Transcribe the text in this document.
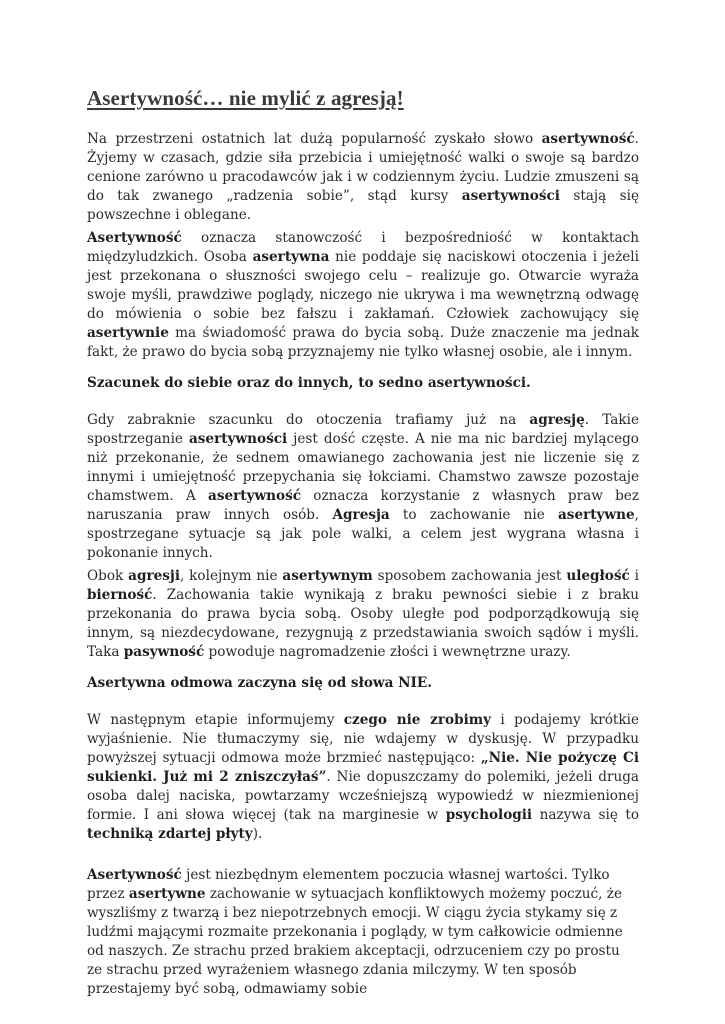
Asertywność… nie mylić z agresją!

Na przestrzeni ostatnich lat dużą popularność zyskało słowo asertywność. Żyjemy w czasach, gdzie siła przebicia i umiejętność walki o swoje są bardzo cenione zarówno u pracodawców jak i w codziennym życiu. Ludzie zmuszeni są do tak zwanego „radzenia sobie”, stąd kursy asertywności stają się powszechne i oblegane.

Asertywność oznacza stanowczość i bezpośredniość w kontaktach międzyludzkich. Osoba asertywna nie poddaje się naciskowi otoczenia i jeżeli jest przekonana o słuszności swojego celu – realizuje go. Otwarcie wyraża swoje myśli, prawdziwe poglądy, niczego nie ukrywa i ma wewnętrzną odwagę do mówienia o sobie bez fałszu i zakłamań. Człowiek zachowujący się asertywnie ma świadomość prawa do bycia sobą. Duże znaczenie ma jednak fakt, że prawo do bycia sobą przyznajemy nie tylko własnej osobie, ale i innym.

Szacunek do siebie oraz do innych, to sedno asertywności.

Gdy zabraknie szacunku do otoczenia trafiamy już na agresję. Takie spostrzeganie asertywności jest dość częste. A nie ma nic bardziej mylącego niż przekonanie, że sednem omawianego zachowania jest nie liczenie się z innymi i umiejętność przepychania się łokciami. Chamstwo zawsze pozostaje chamstwem. A asertywność oznacza korzystanie z własnych praw bez naruszania praw innych osób. Agresja to zachowanie nie asertywne, spostrzegane sytuacje są jak pole walki, a celem jest wygrana własna i pokonanie innych.

Obok agresji, kolejnym nie asertywnym sposobem zachowania jest uległość i bierność. Zachowania takie wynikają z braku pewności siebie i z braku przekonania do prawa bycia sobą. Osoby uległe pod podporządkowują się innym, są niezdecydowane, rezygnują z przedstawiania swoich sądów i myśli. Taka pasywność powoduje nagromadzenie złości i wewnętrzne urazy.

Asertywna odmowa zaczyna się od słowa NIE.

W następnym etapie informujemy czego nie zrobimy i podajemy krótkie wyjaśnienie. Nie tłumaczymy się, nie wdajemy w dyskusję. W przypadku powyższej sytuacji odmowa może brzmieć następująco: „Nie. Nie pożyczę Ci sukienki. Już mi 2 zniszczyłaś”. Nie dopuszczamy do polemiki, jeżeli druga osoba dalej naciska, powtarzamy wcześniejszą wypowiedź w niezmienionej formie. I ani słowa więcej (tak na marginesie w psychologii nazywa się to techniką zdartej płyty).

Asertywność jest niezbędnym elementem poczucia własnej wartości. Tylko przez asertywne zachowanie w sytuacjach konfliktowych możemy poczuć, że wyszliśmy z twarzą i bez niepotrzebnych emocji. W ciągu życia stykamy się z ludźmi mającymi rozmaite przekonania i poglądy, w tym całkowicie odmienne od naszych. Ze strachu przed brakiem akceptacji, odrzuceniem czy po prostu ze strachu przed wyrażeniem własnego zdania milczymy. W ten sposób przestajemy być sobą, odmawiamy sobie
